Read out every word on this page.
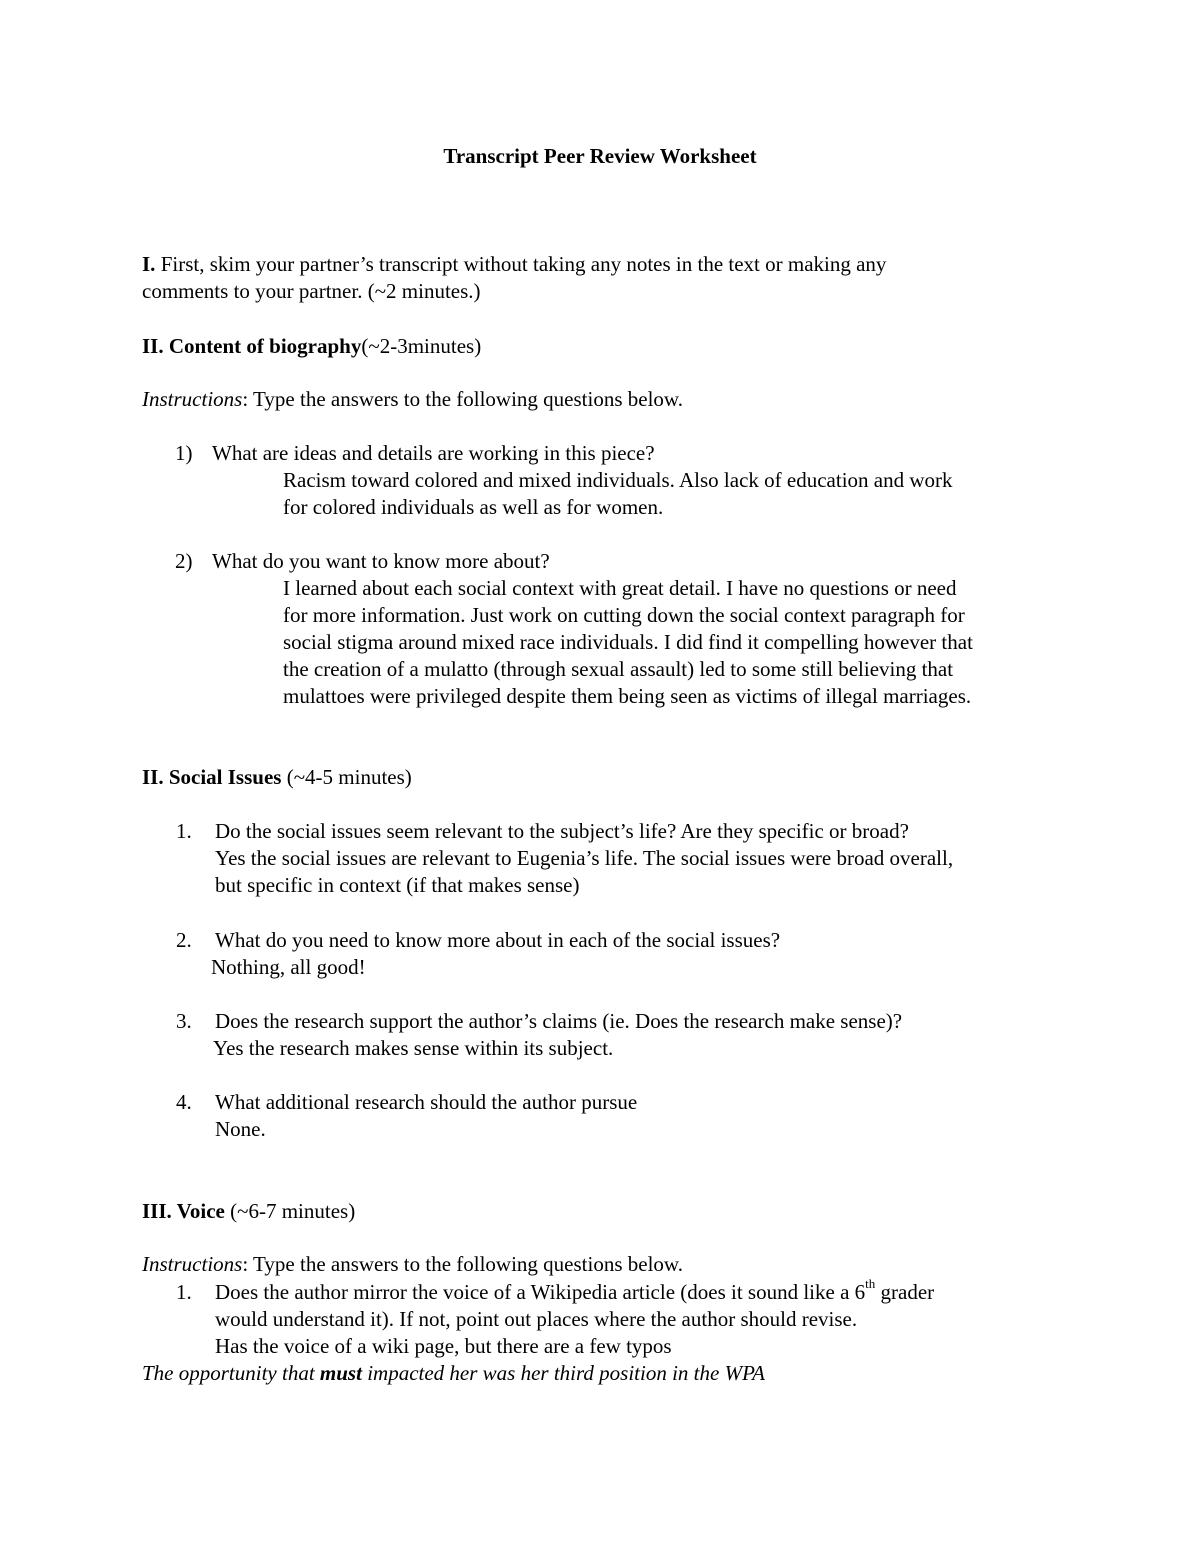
Transcript Peer Review Worksheet

I. First, skim your partner’s transcript without taking any notes in the text or making any

comments to your partner. (~2 minutes.)

II. Content of biography(~2-3minutes)

Instructions: Type the answers to the following questions below.

1) What are ideas and details are working in this piece?

Racism toward colored and mixed individuals. Also lack of education and work

for colored individuals as well as for women.

2) What do you want to know more about?

I learned about each social context with great detail. I have no questions or need

for more information. Just work on cutting down the social context paragraph for

social stigma around mixed race individuals. I did find it compelling however that

the creation of a mulatto (through sexual assault) led to some still believing that

mulattoes were privileged despite them being seen as victims of illegal marriages.

II. Social Issues (~4-5 minutes)

1. Do the social issues seem relevant to the subject’s life? Are they specific or broad?

Yes the social issues are relevant to Eugenia’s life. The social issues were broad overall,

but specific in context (if that makes sense)

2. What do you need to know more about in each of the social issues?

Nothing, all good!

3. Does the research support the author’s claims (ie. Does the research make sense)?

Yes the research makes sense within its subject.

4. What additional research should the author pursue

None.

III. Voice (~6-7 minutes)

Instructions: Type the answers to the following questions below.

1. Does the author mirror the voice of a Wikipedia article (does it sound like a 6th grader

would understand it). If not, point out places where the author should revise.

Has the voice of a wiki page, but there are a few typos

The opportunity that must impacted her was her third position in the WPA
